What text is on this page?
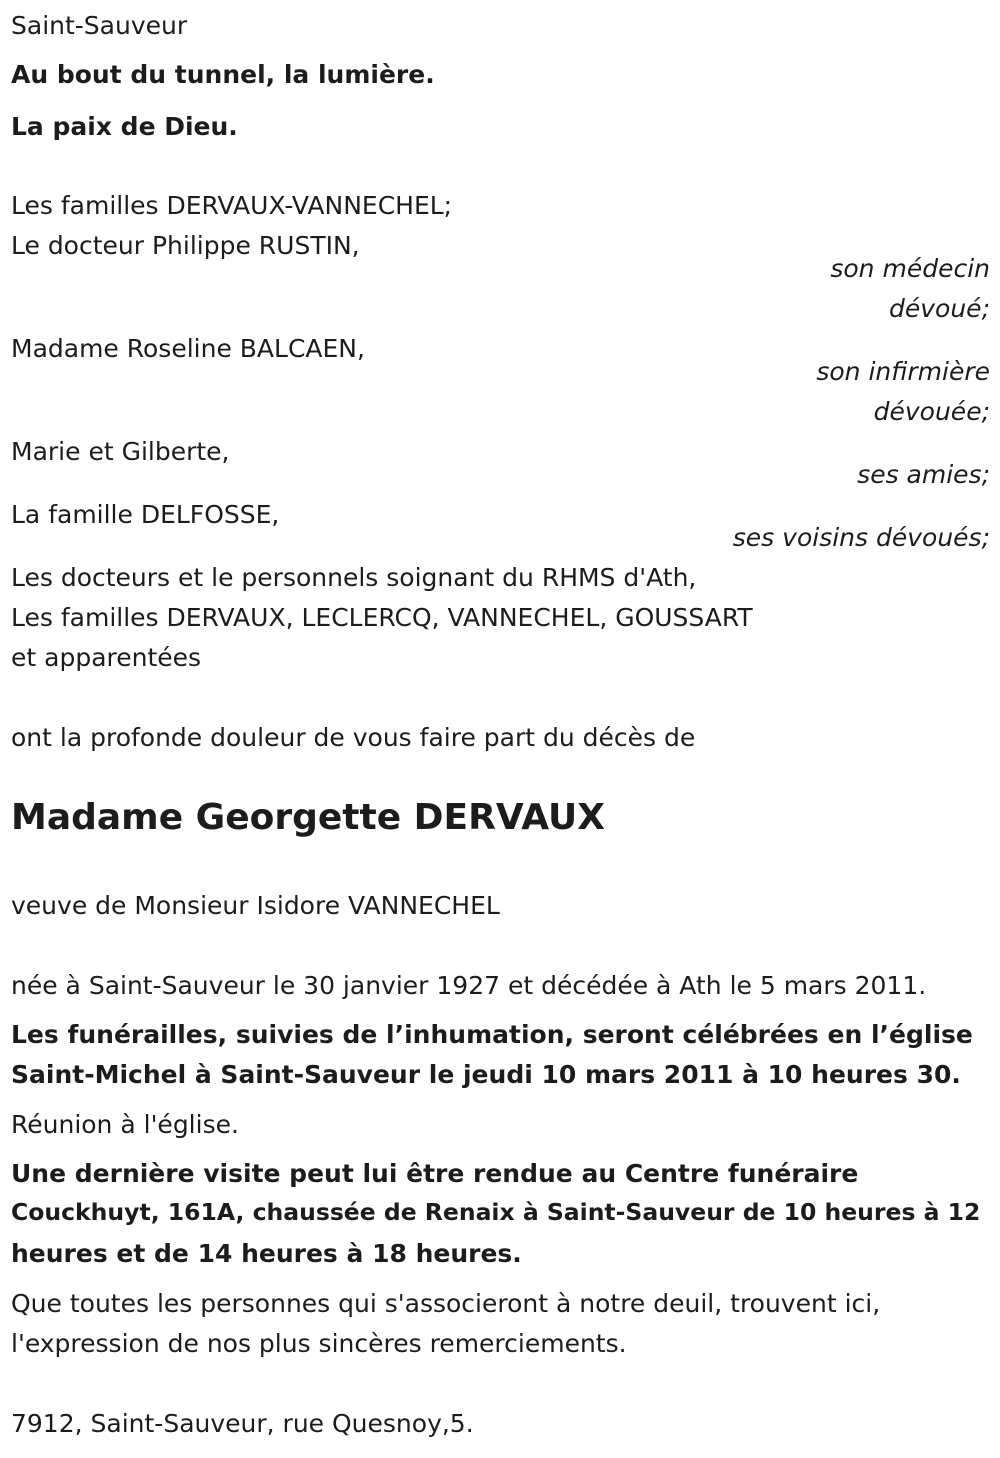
Saint-Sauveur
Au bout du tunnel, la lumière.
La paix de Dieu.
Les familles DERVAUX-VANNECHEL;
Le docteur Philippe RUSTIN,
son médecin
dévoué;
Madame Roseline BALCAEN,
son infirmière
dévouée;
Marie et Gilberte,
ses amies;
La famille DELFOSSE,
ses voisins dévoués;
Les docteurs et le personnels soignant du RHMS d'Ath,
Les familles DERVAUX, LECLERCQ, VANNECHEL, GOUSSART
et apparentées
ont la profonde douleur de vous faire part du décès de
Madame Georgette DERVAUX
veuve de Monsieur Isidore VANNECHEL
née à Saint-Sauveur le 30 janvier 1927 et décédée à Ath le 5 mars 2011.
Les funérailles, suivies de l’inhumation, seront célébrées en l’église
Saint-Michel à Saint-Sauveur le jeudi 10 mars 2011 à 10 heures 30.
Réunion à l'église.
Une dernière visite peut lui être rendue au Centre funéraire
Couckhuyt, 161A, chaussée de Renaix à Saint-Sauveur de 10 heures à 12
heures et de 14 heures à 18 heures.
Que toutes les personnes qui s'associeront à notre deuil, trouvent ici,
l'expression de nos plus sincères remerciements.
7912, Saint-Sauveur, rue Quesnoy,5.
